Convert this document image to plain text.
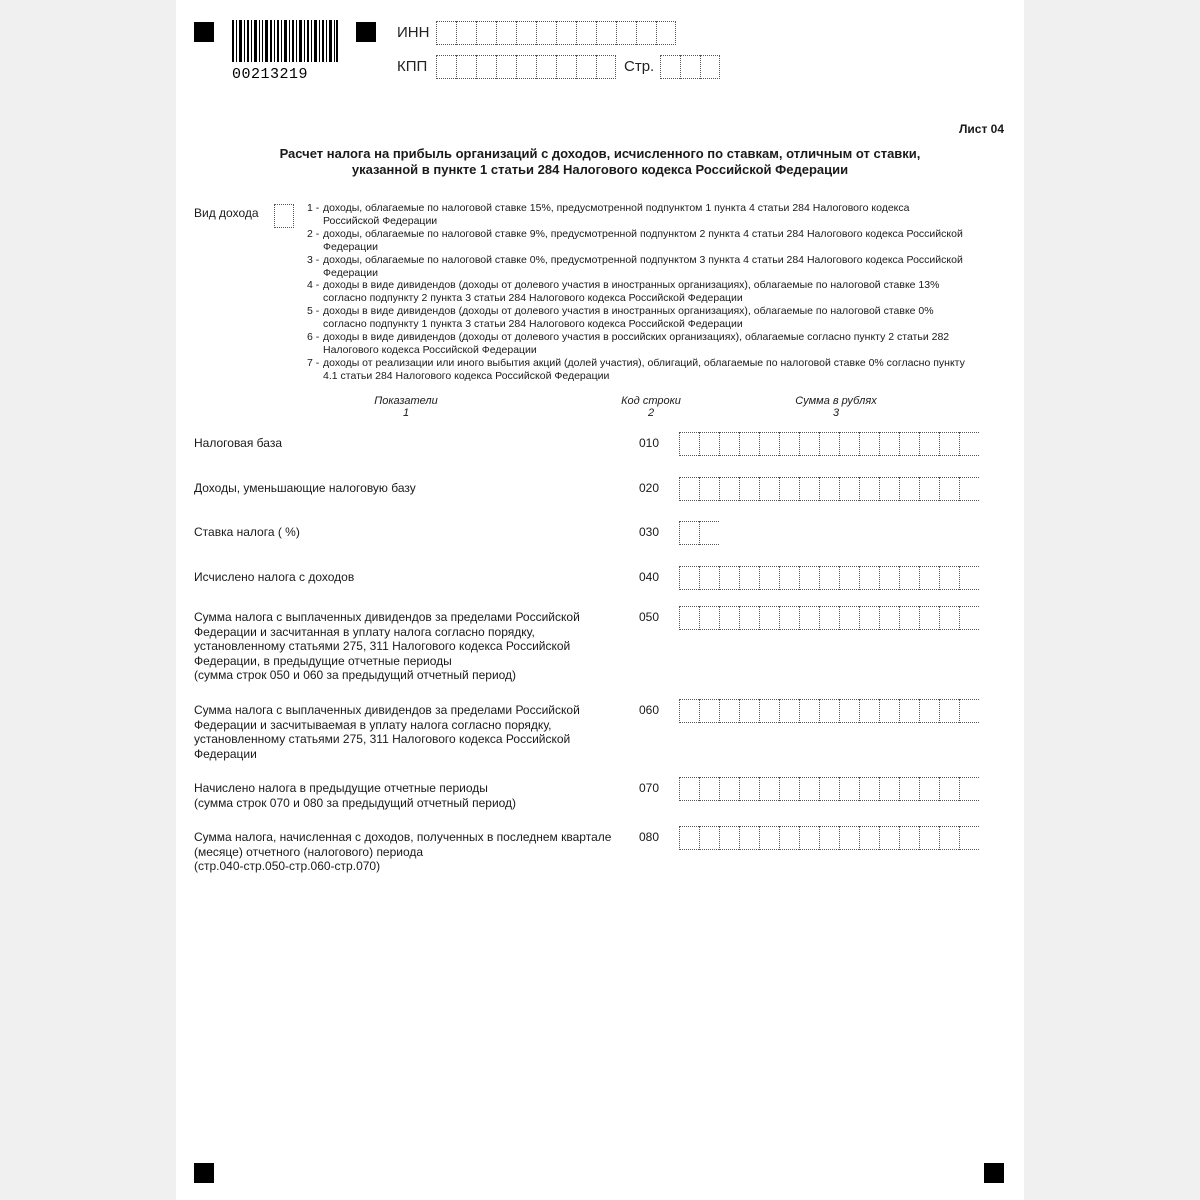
00213219
ИНН
КПП	Стр.
Лист 04
Расчет налога на прибыль организаций с доходов, исчисленного по ставкам, отличным от ставки,
указанной в пункте 1 статьи 284 Налогового кодекса Российской Федерации
Вид дохода	1 - доходы, облагаемые по налоговой ставке 15%, предусмотренной подпунктом 1 пункта 4 статьи 284 Налогового кодекса Российской Федерации
2 - доходы, облагаемые по налоговой ставке 9%, предусмотренной подпунктом 2 пункта 4 статьи 284 Налогового кодекса Российской Федерации
3 - доходы, облагаемые по налоговой ставке 0%, предусмотренной подпунктом 3 пункта 4 статьи 284 Налогового кодекса Российской Федерации
4 - доходы в виде дивидендов (доходы от долевого участия в иностранных организациях), облагаемые по налоговой ставке 13% согласно подпункту 2 пункта 3 статьи 284 Налогового кодекса Российской Федерации
5 - доходы в виде дивидендов (доходы от долевого участия в иностранных организациях), облагаемые по налоговой ставке 0% согласно подпункту 1 пункта 3 статьи 284 Налогового кодекса Российской Федерации
6 - доходы в виде дивидендов (доходы от долевого участия в российских организациях), облагаемые согласно пункту 2 статьи 282 Налогового кодекса Российской Федерации
7 - доходы от реализации или иного выбытия акций (долей участия), облигаций, облагаемые по налоговой ставке 0% согласно пункту 4.1 статьи 284 Налогового кодекса Российской Федерации
Показатели
1
Код строки
2
Сумма в рублях
3
Налоговая база	010
Доходы, уменьшающие налоговую базу	020
Ставка налога ( %)	030
Исчислено налога с доходов	040
Сумма налога с выплаченных дивидендов за пределами Российской Федерации и засчитанная в уплату налога согласно порядку, установленному статьями 275, 311 Налогового кодекса Российской Федерации, в предыдущие отчетные периоды
(сумма строк 050 и 060 за предыдущий отчетный период)
050
Сумма налога с выплаченных дивидендов за пределами Российской Федерации и засчитываемая в уплату налога согласно порядку, установленному статьями 275, 311 Налогового кодекса Российской Федерации
060
Начислено налога в предыдущие отчетные периоды
(сумма строк 070 и 080 за предыдущий отчетный период)
070
Сумма налога, начисленная с доходов, полученных в последнем квартале (месяце) отчетного (налогового) периода
(стр.040-стр.050-стр.060-стр.070)
080
